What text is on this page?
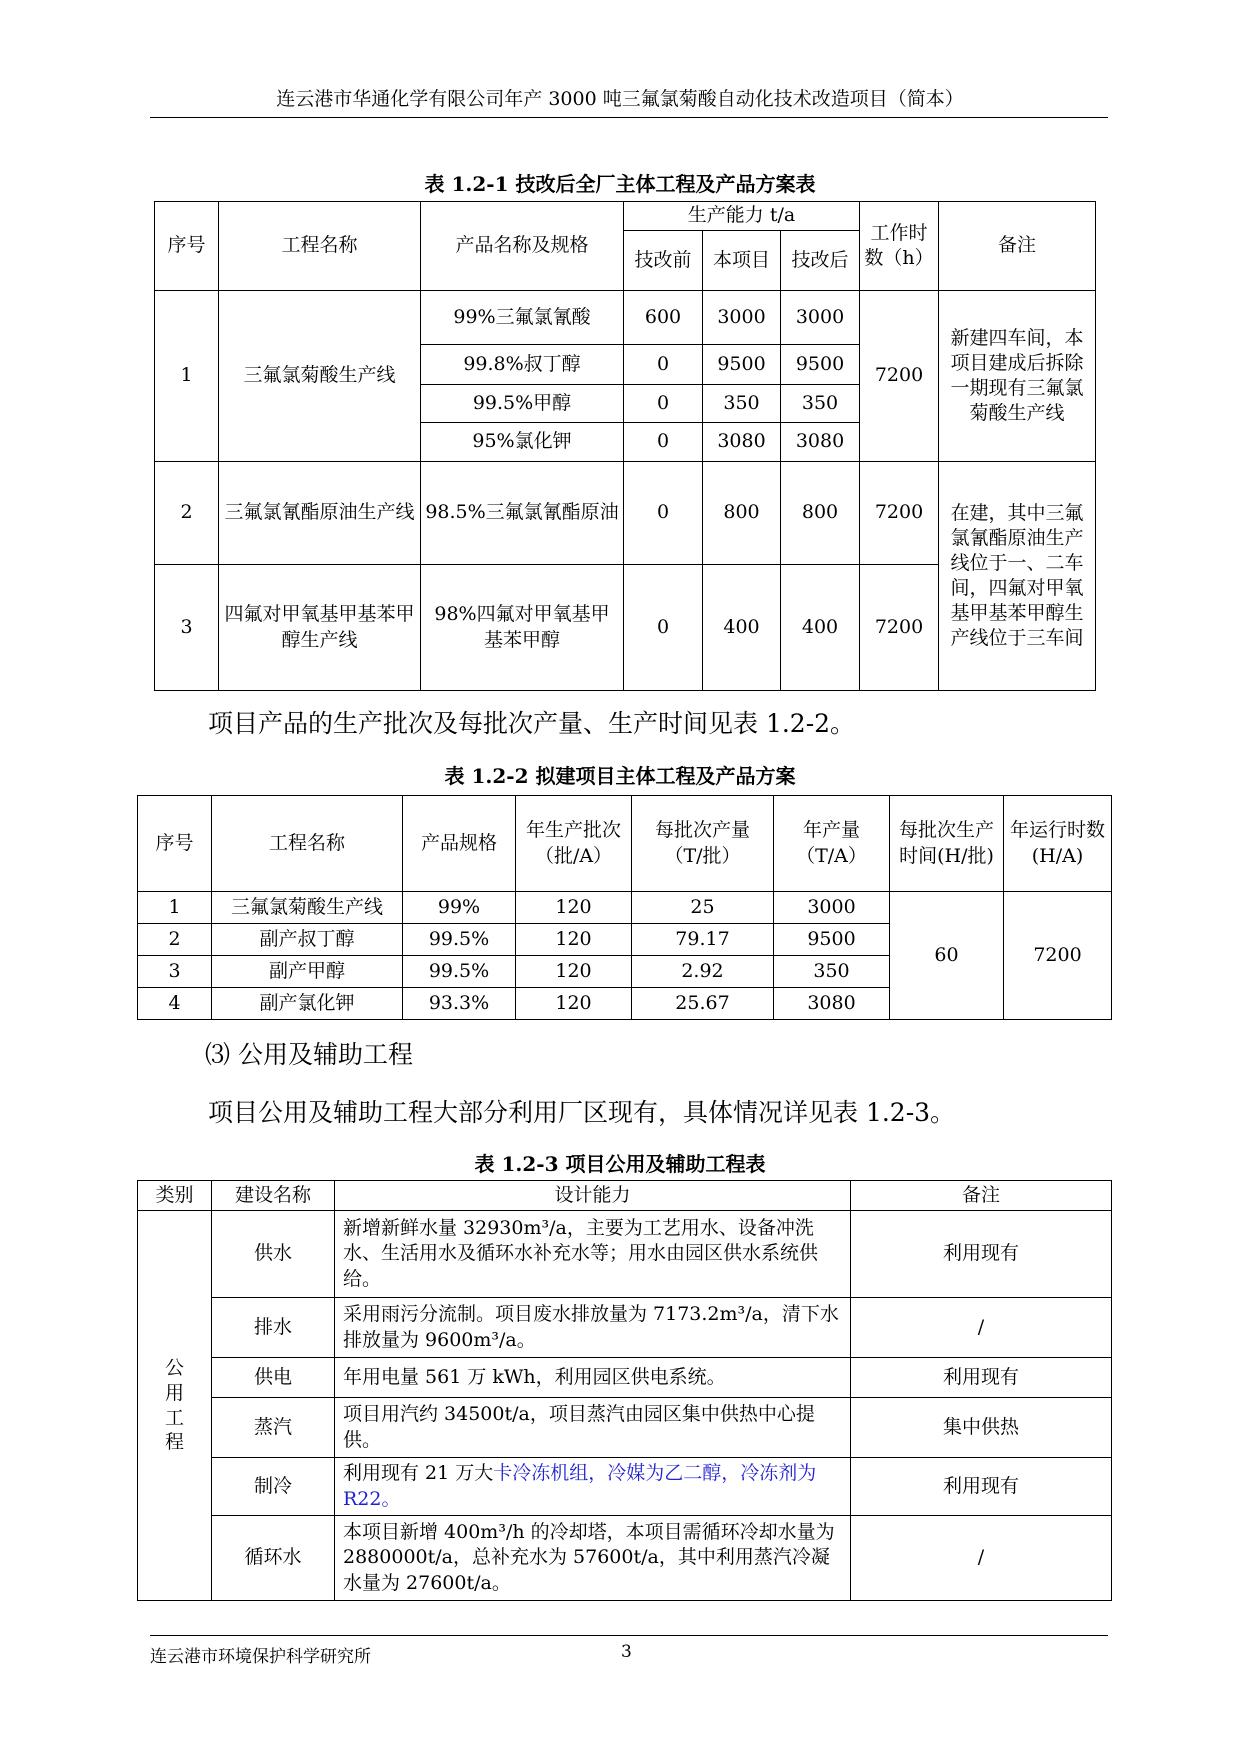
连云港市华通化学有限公司年产 3000 吨三氟氯菊酸自动化技术改造项目（简本）
表 1.2-1 技改后全厂主体工程及产品方案表
序号	工程名称	产品名称及规格	生产能力 t/a			工作时数（h）	备注
			技改前	本项目	技改后		
1	三氟氯菊酸生产线	99%三氟氯氰酸	600	3000	3000	7200	新建四车间，本项目建成后拆除一期现有三氟氯菊酸生产线
		99.8%叔丁醇	0	9500	9500		
		99.5%甲醇	0	350	350		
		95%氯化钾	0	3080	3080		
2	三氟氯氰酯原油生产线	98.5%三氟氯氰酯原油	0	800	800	7200	在建，其中三氟氯氰酯原油生产线位于一、二车间，四氟对甲氧基甲基苯甲醇生产线位于三车间
3	四氟对甲氧基甲基苯甲醇生产线	98%四氟对甲氧基甲基苯甲醇	0	400	400	7200	
项目产品的生产批次及每批次产量、生产时间见表 1.2-2。
表 1.2-2 拟建项目主体工程及产品方案
序号	工程名称	产品规格	年生产批次（批/A）	每批次产量（T/批）	年产量（T/A）	每批次生产时间(H/批)	年运行时数(H/A)
1	三氟氯菊酸生产线	99%	120	25	3000	60	7200
2	副产叔丁醇	99.5%	120	79.17	9500		
3	副产甲醇	99.5%	120	2.92	350		
4	副产氯化钾	93.3%	120	25.67	3080		
⑶ 公用及辅助工程
项目公用及辅助工程大部分利用厂区现有，具体情况详见表 1.2-3。
表 1.2-3 项目公用及辅助工程表
类别	建设名称	设计能力	备注

公用工程	供水	新增新鲜水量 32930m³/a，主要为工艺用水、设备冲洗水、生活用水及循环水补充水等；用水由园区供水系统供给。	利用现有
	排水	采用雨污分流制。项目废水排放量为 7173.2m³/a，清下水排放量为 9600m³/a。	/
	供电	年用电量 561 万 kWh，利用园区供电系统。	利用现有
	蒸汽	项目用汽约 34500t/a，项目蒸汽由园区集中供热中心提供。	集中供热
	制冷	利用现有 21 万大卡冷冻机组，冷媒为乙二醇，冷冻剂为 R22。	利用现有
	循环水	本项目新增 400m³/h 的冷却塔，本项目需循环冷却水量为 2880000t/a，总补充水为 57600t/a，其中利用蒸汽冷凝水量为 27600t/a。	/
连云港市环境保护科学研究所	3
